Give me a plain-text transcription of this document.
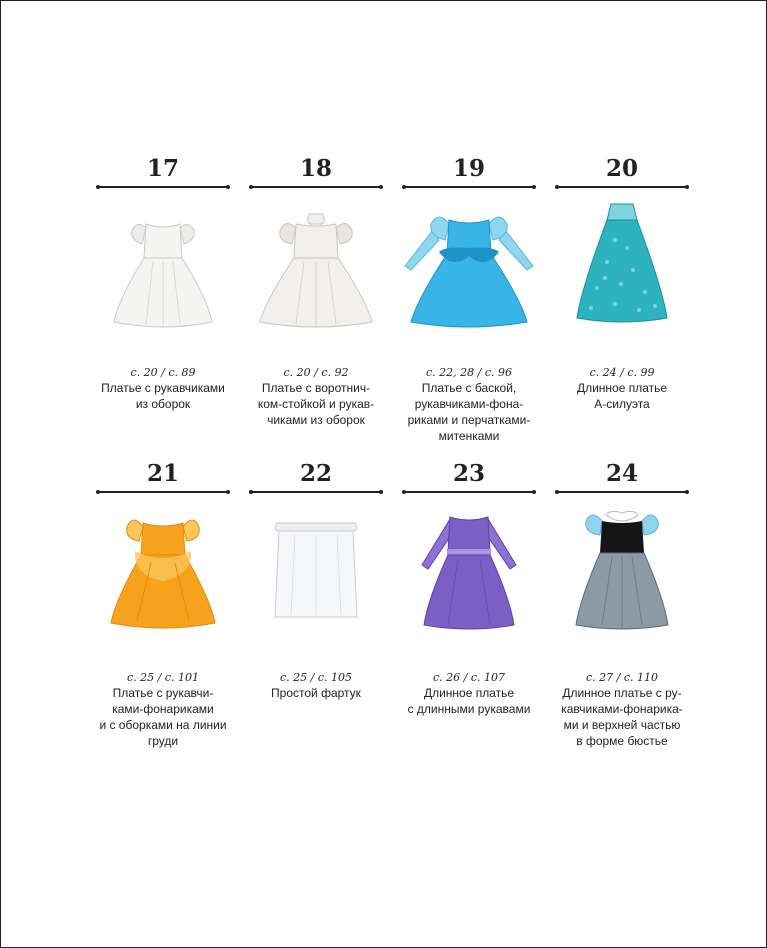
17
с. 20 / с. 89
Платье с рукавчиками
из оборок
18
с. 20 / с. 92
Платье с воротнич-
ком-стойкой и рукав-
чиками из оборок
19
с. 22, 28 / с. 96
Платье с баской,
рукавчиками-фона-
риками и перчатками-
митенками
20
с. 24 / с. 99
Длинное платье
А-силуэта
21
с. 25 / с. 101
Платье с рукавчи-
ками-фонариками
и с оборками на линии
груди
22
с. 25 / с. 105
Простой фартук
23
с. 26 / с. 107
Длинное платье
с длинными рукавами
24
с. 27 / с. 110
Длинное платье с ру-
кавчиками-фонарика-
ми и верхней частью
в форме бюстье
